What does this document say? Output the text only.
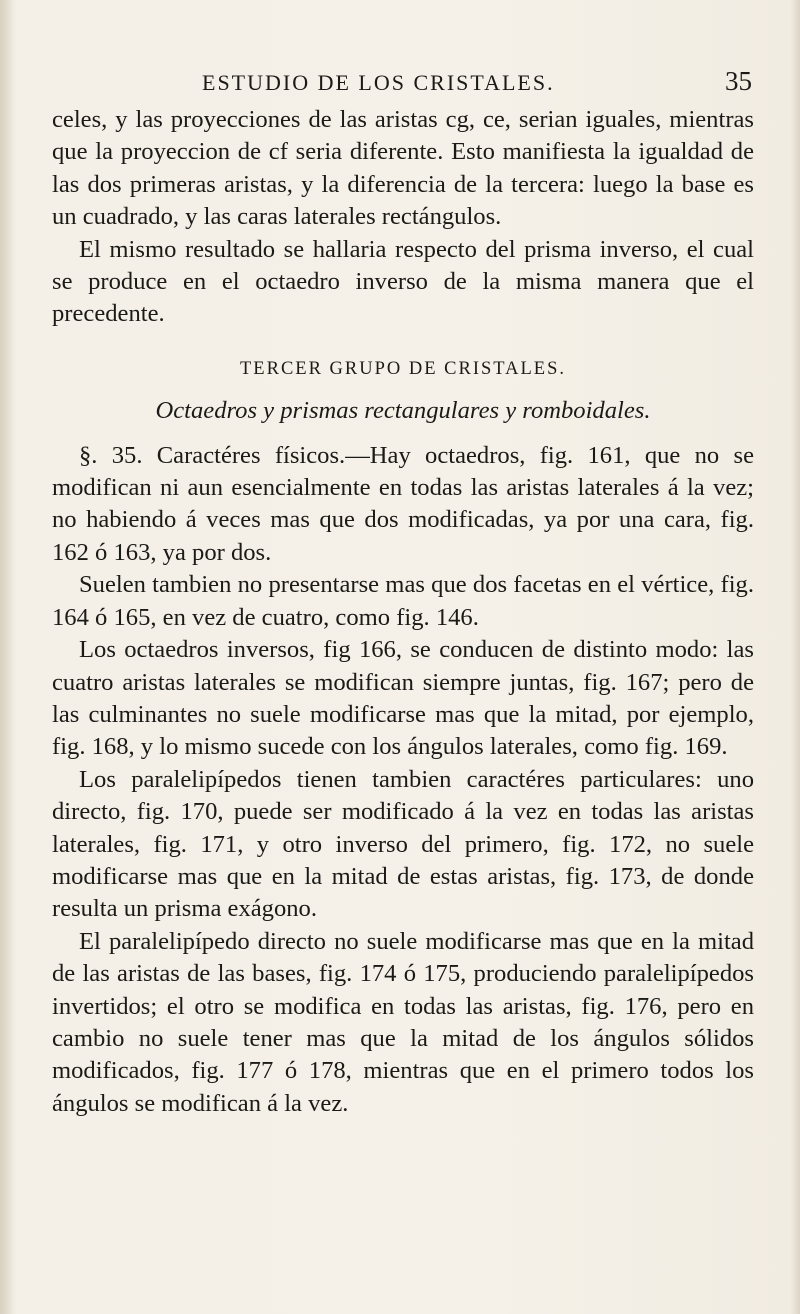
ESTUDIO DE LOS CRISTALES.	35

celes, y las proyecciones de las aristas cg, ce, serian iguales, mientras que la proyeccion de cf seria diferente. Esto manifiesta la igualdad de las dos primeras aristas, y la diferencia de la tercera: luego la base es un cuadrado, y las caras laterales rectángulos.

El mismo resultado se hallaria respecto del prisma inverso, el cual se produce en el octaedro inverso de la misma manera que el precedente.

TERCER GRUPO DE CRISTALES.

Octaedros y prismas rectangulares y romboidales.

§. 35. Caractéres físicos.—Hay octaedros, fig. 161, que no se modifican ni aun esencialmente en todas las aristas laterales á la vez; no habiendo á veces mas que dos modificadas, ya por una cara, fig. 162 ó 163, ya por dos.

Suelen tambien no presentarse mas que dos facetas en el vértice, fig. 164 ó 165, en vez de cuatro, como fig. 146.

Los octaedros inversos, fig 166, se conducen de distinto modo: las cuatro aristas laterales se modifican siempre juntas, fig. 167; pero de las culminantes no suele modificarse mas que la mitad, por ejemplo, fig. 168, y lo mismo sucede con los ángulos laterales, como fig. 169.

Los paralelipípedos tienen tambien caractéres particulares: uno directo, fig. 170, puede ser modificado á la vez en todas las aristas laterales, fig. 171, y otro inverso del primero, fig. 172, no suele modificarse mas que en la mitad de estas aristas, fig. 173, de donde resulta un prisma exágono.

El paralelipípedo directo no suele modificarse mas que en la mitad de las aristas de las bases, fig. 174 ó 175, produciendo paralelipípedos invertidos; el otro se modifica en todas las aristas, fig. 176, pero en cambio no suele tener mas que la mitad de los ángulos sólidos modificados, fig. 177 ó 178, mientras que en el primero todos los ángulos se modifican á la vez.
